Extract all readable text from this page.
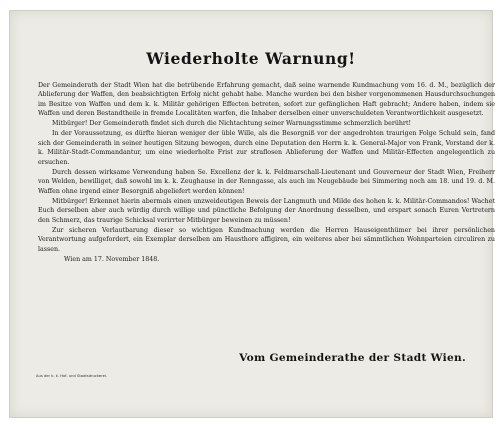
Wiederholte Warnung!

Der Gemeinderath der Stadt Wien hat die betrübende Erfahrung gemacht, daß seine warnende Kundmachung vom 16. d. M., bezüglich der Ablieferung der Waffen, den beabsichtigten Erfolg nicht gehabt habe. Manche wurden bei den bisher vorgenommenen Hausdurchsuchungen im Besitze von Waffen und dem k. k. Militär gehörigen Effecten betreten, sofort zur gefänglichen Haft gebracht; Andere haben, indem sie Waffen und deren Bestandtheile in fremde Localitäten warfen, die Inhaber derselben einer unverschuldeten Verantwortlichkeit ausgesetzt.

Mitbürger! Der Gemeinderath findet sich durch die Nichtachtung seiner Warnungsstimme schmerzlich berührt!

In der Voraussetzung, es dürfte hieran weniger der üble Wille, als die Besorgniß vor der angedrohten traurigen Folge Schuld sein, fand sich der Gemeinderath in seiner heutigen Sitzung bewogen, durch eine Deputation den Herrn k. k. General-Major von Frank, Vorstand der k. k. Militär-Stadt-Commandantur, um eine wiederholte Frist zur straflosen Ablieferung der Waffen und Militär-Effecten angelegentlich zu ersuchen.

Durch dessen wirksame Verwendung haben Se. Excellenz der k. k. Feldmarschall-Lieutenant und Gouverneur der Stadt Wien, Freiherr von Welden, bewilliget, daß sowohl im k. k. Zeughause in der Renngasse, als auch im Neugebäude bei Simmering noch am 18. und 19. d. M. Waffen ohne irgend einer Besorgniß abgeliefert werden können!

Mitbürger! Erkennet hierin abermals einen unzweideutigen Beweis der Langmuth und Milde des hohen k. k. Militär-Commandos! Wachet Euch derselben aber auch würdig durch willige und pünctliche Befolgung der Anordnung desselben, und erspart sonach Euren Vertretern den Schmerz, das traurige Schicksal verirrter Mitbürger beweinen zu müssen!

Zur sicheren Verlautbarung dieser so wichtigen Kundmachung werden die Herren Hauseigenthümer bei ihrer persönlichen Verantwortung aufgefordert, ein Exemplar derselben am Hausthore affigiren, ein weiteres aber bei sämmtlichen Wohnparteien circuliren zu lassen.

Wien am 17. November 1848.

Vom Gemeinderathe der Stadt Wien.
Aus der k. k. Hof- und Staatsdruckerei.
